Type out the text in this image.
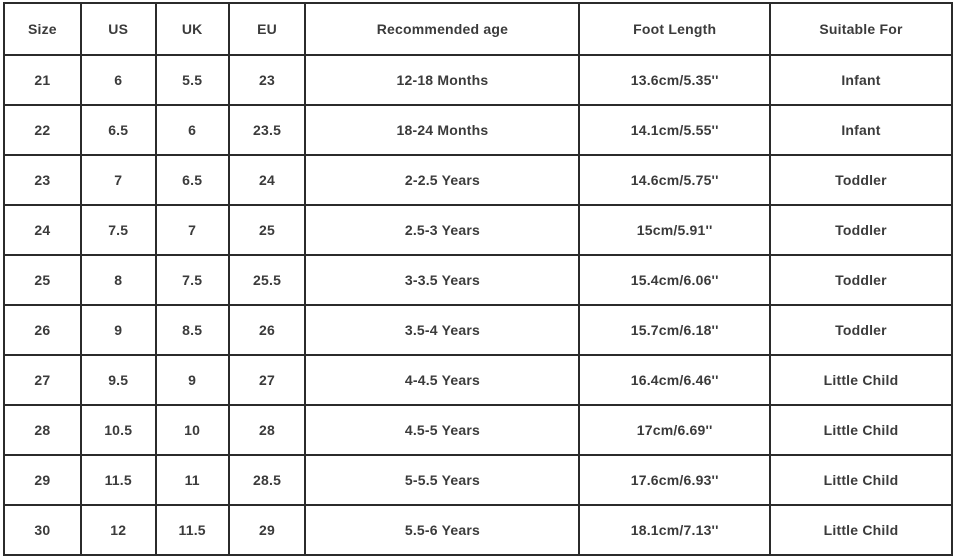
Size	US	UK	EU	Recommended age	Foot Length	Suitable For
21	6	5.5	23	12-18 Months	13.6cm/5.35''	Infant
22	6.5	6	23.5	18-24 Months	14.1cm/5.55''	Infant
23	7	6.5	24	2-2.5 Years	14.6cm/5.75''	Toddler
24	7.5	7	25	2.5-3 Years	15cm/5.91''	Toddler
25	8	7.5	25.5	3-3.5 Years	15.4cm/6.06''	Toddler
26	9	8.5	26	3.5-4 Years	15.7cm/6.18''	Toddler
27	9.5	9	27	4-4.5 Years	16.4cm/6.46''	Little Child
28	10.5	10	28	4.5-5 Years	17cm/6.69''	Little Child
29	11.5	11	28.5	5-5.5 Years	17.6cm/6.93''	Little Child
30	12	11.5	29	5.5-6 Years	18.1cm/7.13''	Little Child
